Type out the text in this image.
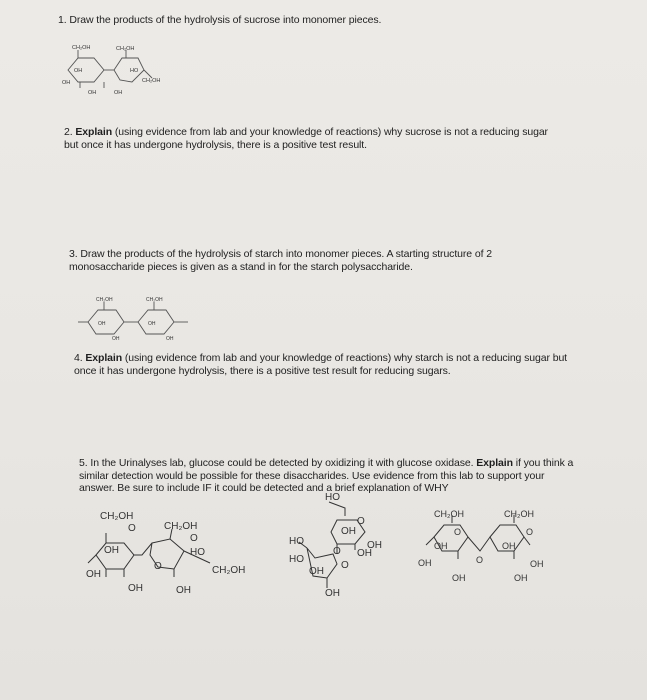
1. Draw the products of the hydrolysis of sucrose into monomer pieces.
CH₂OH	CH₂OH
OH
OH
HO
CH₂OH
OH	OH
2. Explain (using evidence from lab and your knowledge of reactions) why sucrose is not a reducing sugar but once it has undergone hydrolysis, there is a positive test result.
3. Draw the products of the hydrolysis of starch into monomer pieces. A starting structure of 2 monosaccharide pieces is given as a stand in for the starch polysaccharide.
CH₂OH	CH₂OH
OH
OH
OH
OH
4. Explain (using evidence from lab and your knowledge of reactions) why starch is not a reducing sugar but once it has undergone hydrolysis, there is a positive test result for reducing sugars.
5. In the Urinalyses lab, glucose could be detected by oxidizing it with glucose oxidase. Explain if you think a similar detection would be possible for these disaccharides. Use evidence from this lab to support your answer. Be sure to include IF it could be detected and a brief explanation of WHY
CH₂OH
O
OH
OH
OH
O
CH₂OH
O
HO
CH₂OH
OH
HO
O
OH
OH
OH
O
HO
HO
O
OH
OH
CH₂OH
O
OH
OH
OH
O
CH₂OH
O
OH
OH
OH
